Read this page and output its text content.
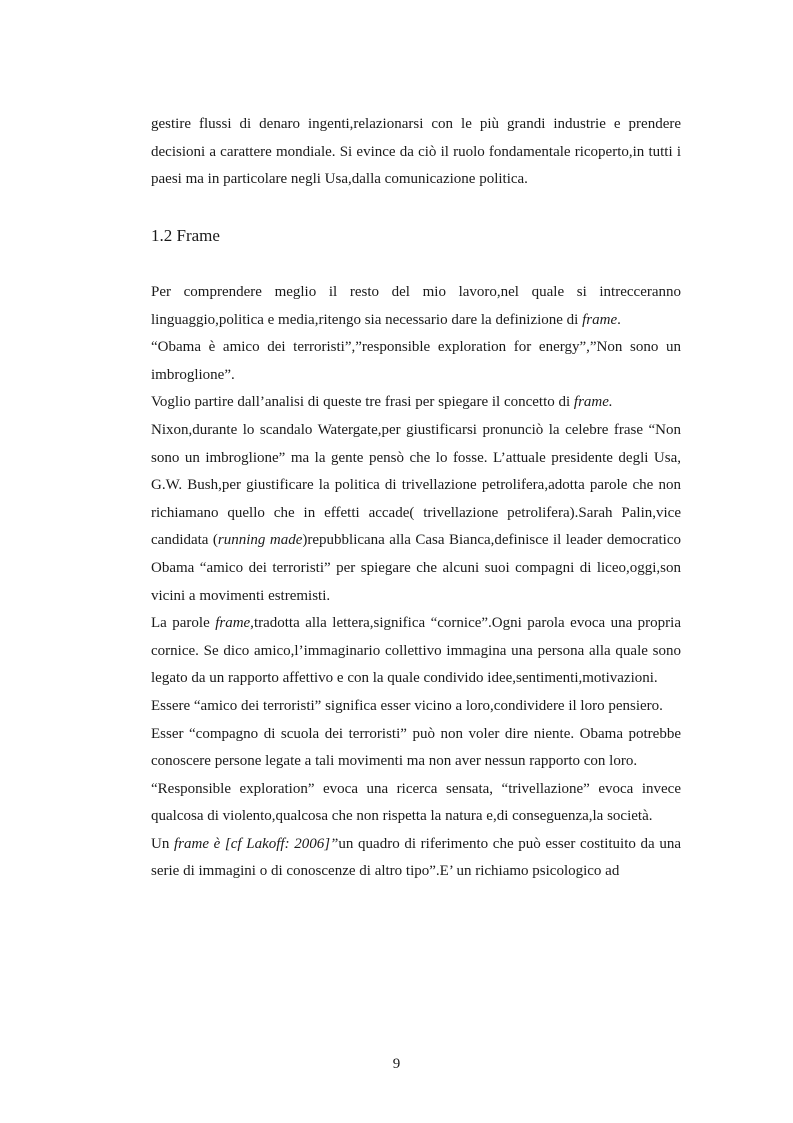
gestire flussi di denaro ingenti,relazionarsi con le più grandi industrie e prendere decisioni a carattere mondiale. Si evince da ciò il ruolo fondamentale ricoperto,in tutti i paesi ma in particolare negli Usa,dalla comunicazione politica.

1.2 Frame

Per comprendere meglio il resto del mio lavoro,nel quale si intrecceranno linguaggio,politica e media,ritengo sia necessario dare la definizione di frame.

“Obama è amico dei terroristi”,”responsible exploration for energy”,”Non sono un imbroglione”.

Voglio partire dall’analisi di queste tre frasi per spiegare il concetto di frame.

Nixon,durante lo scandalo Watergate,per giustificarsi pronunciò la celebre frase “Non sono un imbroglione” ma la gente pensò che lo fosse. L’attuale presidente degli Usa, G.W. Bush,per giustificare la politica di trivellazione petrolifera,adotta parole che non richiamano quello che in effetti accade( trivellazione petrolifera).Sarah Palin,vice candidata (running made)repubblicana alla Casa Bianca,definisce il leader democratico Obama “amico dei terroristi” per spiegare che alcuni suoi compagni di liceo,oggi,son vicini a movimenti estremisti.

La parole frame,tradotta alla lettera,significa “cornice”.Ogni parola evoca una propria cornice. Se dico amico,l’immaginario collettivo immagina una persona alla quale sono legato da un rapporto affettivo e con la quale condivido idee,sentimenti,motivazioni.

Essere “amico dei terroristi” significa esser vicino a loro,condividere il loro pensiero.

Esser “compagno di scuola dei terroristi” può non voler dire niente. Obama potrebbe conoscere persone legate a tali movimenti ma non aver nessun rapporto con loro.

“Responsible exploration” evoca una ricerca sensata, “trivellazione” evoca invece qualcosa di violento,qualcosa che non rispetta la natura e,di conseguenza,la società.

Un frame è [cf Lakoff: 2006]”un quadro di riferimento che può esser costituito da una serie di immagini o di conoscenze di altro tipo”.E’ un richiamo psicologico ad

9
